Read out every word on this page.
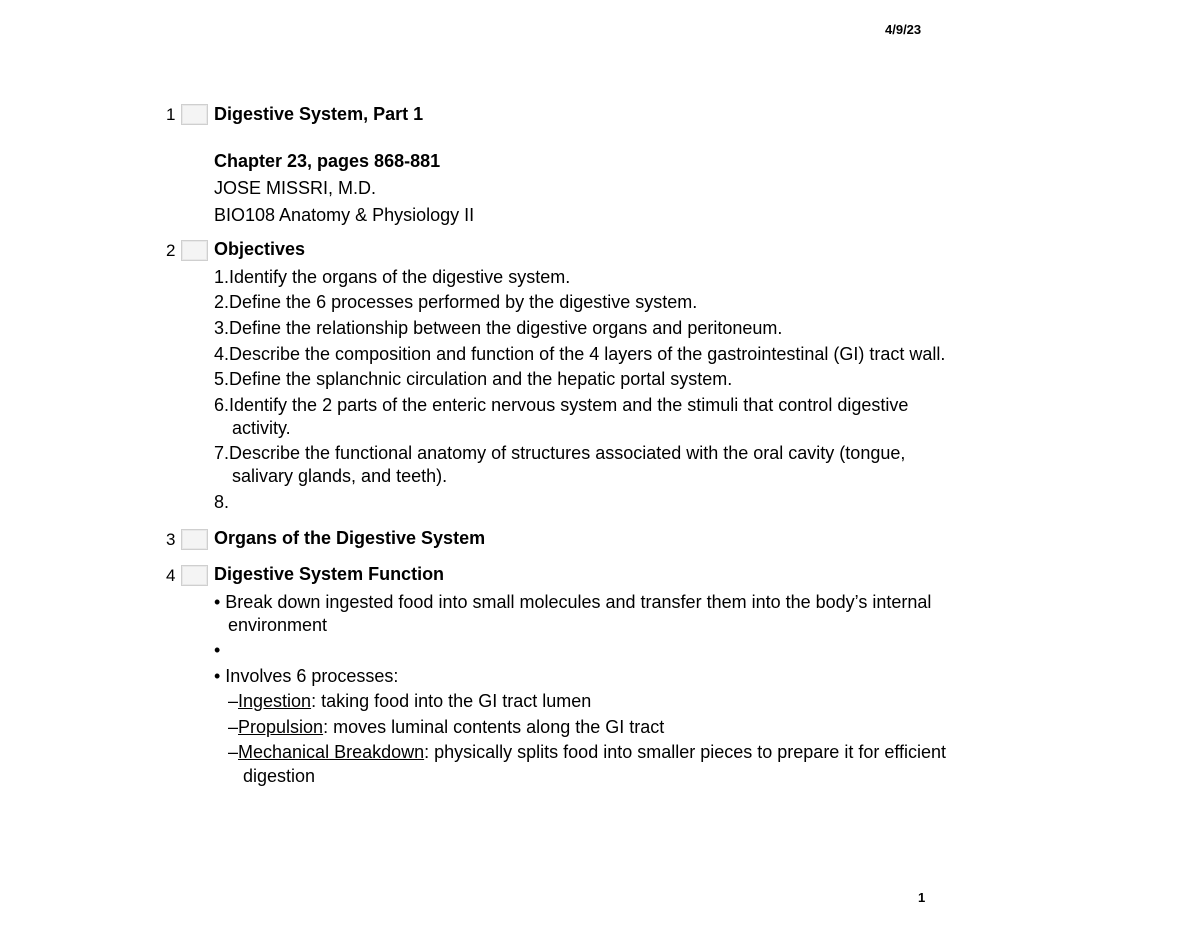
4/9/23
1 Digestive System, Part 1
Chapter 23, pages 868-881
JOSE MISSRI, M.D.
BIO108 Anatomy & Physiology II
2 Objectives
1.Identify the organs of the digestive system.
2.Define the 6 processes performed by the digestive system.
3.Define the relationship between the digestive organs and peritoneum.
4.Describe the composition and function of the 4 layers of the gastrointestinal (GI) tract wall.
5.Define the splanchnic circulation and the hepatic portal system.
6.Identify the 2 parts of the enteric nervous system and the stimuli that control digestive
activity.
7.Describe the functional anatomy of structures associated with the oral cavity (tongue,
salivary glands, and teeth).
8.
3 Organs of the Digestive System
4 Digestive System Function
• Break down ingested food into small molecules and transfer them into the body’s internal
environment
•
• Involves 6 processes:
–Ingestion: taking food into the GI tract lumen
–Propulsion: moves luminal contents along the GI tract
–Mechanical Breakdown: physically splits food into smaller pieces to prepare it for efficient
digestion
1
